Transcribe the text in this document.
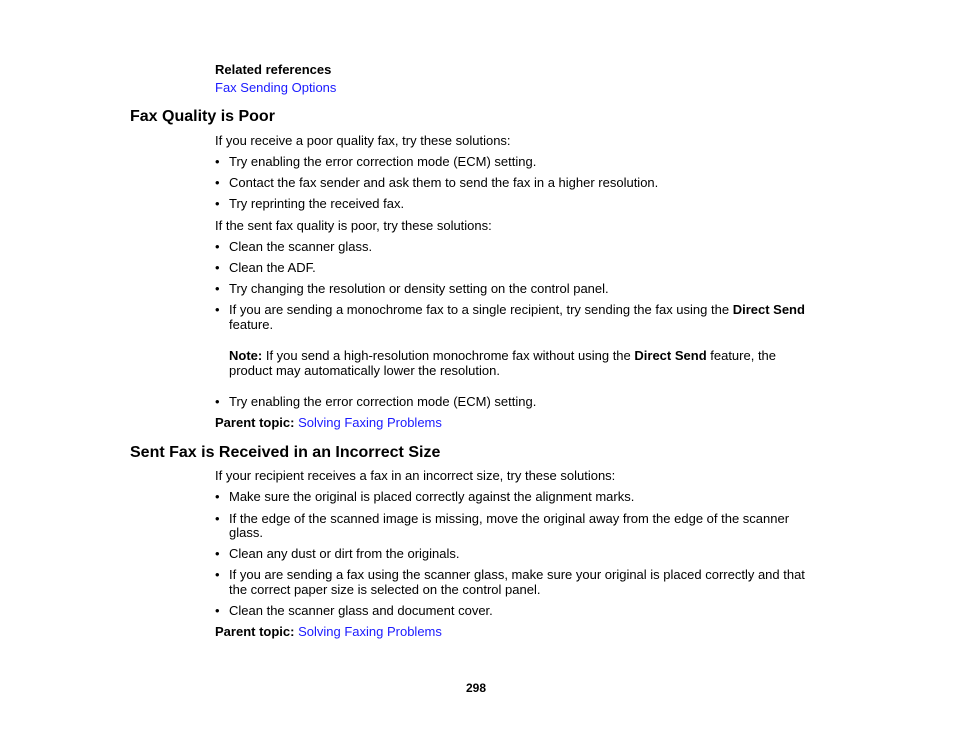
Related references
Fax Sending Options
Fax Quality is Poor
If you receive a poor quality fax, try these solutions:
• Try enabling the error correction mode (ECM) setting.
• Contact the fax sender and ask them to send the fax in a higher resolution.
• Try reprinting the received fax.
If the sent fax quality is poor, try these solutions:
• Clean the scanner glass.
• Clean the ADF.
• Try changing the resolution or density setting on the control panel.
• If you are sending a monochrome fax to a single recipient, try sending the fax using the Direct Send
feature.
Note: If you send a high-resolution monochrome fax without using the Direct Send feature, the
product may automatically lower the resolution.
• Try enabling the error correction mode (ECM) setting.
Parent topic: Solving Faxing Problems
Sent Fax is Received in an Incorrect Size
If your recipient receives a fax in an incorrect size, try these solutions:
• Make sure the original is placed correctly against the alignment marks.
• If the edge of the scanned image is missing, move the original away from the edge of the scanner
glass.
• Clean any dust or dirt from the originals.
• If you are sending a fax using the scanner glass, make sure your original is placed correctly and that
the correct paper size is selected on the control panel.
• Clean the scanner glass and document cover.
Parent topic: Solving Faxing Problems
298
